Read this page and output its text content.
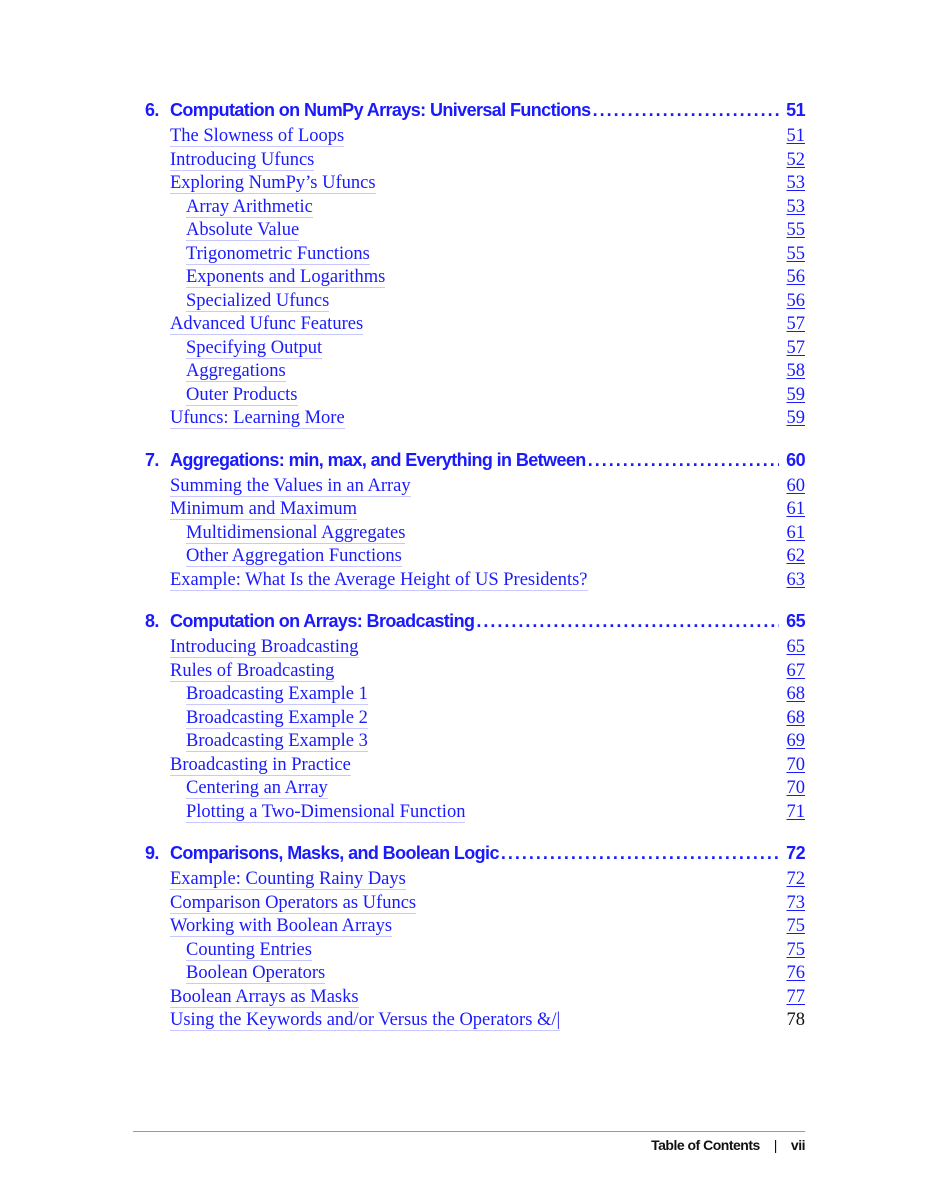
6. Computation on NumPy Arrays: Universal Functions .....	51
The Slowness of Loops	51
Introducing Ufuncs	52
Exploring NumPy’s Ufuncs	53
Array Arithmetic	53
Absolute Value	55
Trigonometric Functions	55
Exponents and Logarithms	56
Specialized Ufuncs	56
Advanced Ufunc Features	57
Specifying Output	57
Aggregations	58
Outer Products	59
Ufuncs: Learning More	59
7. Aggregations: min, max, and Everything in Between .....	60
Summing the Values in an Array	60
Minimum and Maximum	61
Multidimensional Aggregates	61
Other Aggregation Functions	62
Example: What Is the Average Height of US Presidents?	63
8. Computation on Arrays: Broadcasting .....	65
Introducing Broadcasting	65
Rules of Broadcasting	67
Broadcasting Example 1	68
Broadcasting Example 2	68
Broadcasting Example 3	69
Broadcasting in Practice	70
Centering an Array	70
Plotting a Two-Dimensional Function	71
9. Comparisons, Masks, and Boolean Logic .....	72
Example: Counting Rainy Days	72
Comparison Operators as Ufuncs	73
Working with Boolean Arrays	75
Counting Entries	75
Boolean Operators	76
Boolean Arrays as Masks	77
Using the Keywords and/or Versus the Operators &/|	78
Table of Contents | vii
